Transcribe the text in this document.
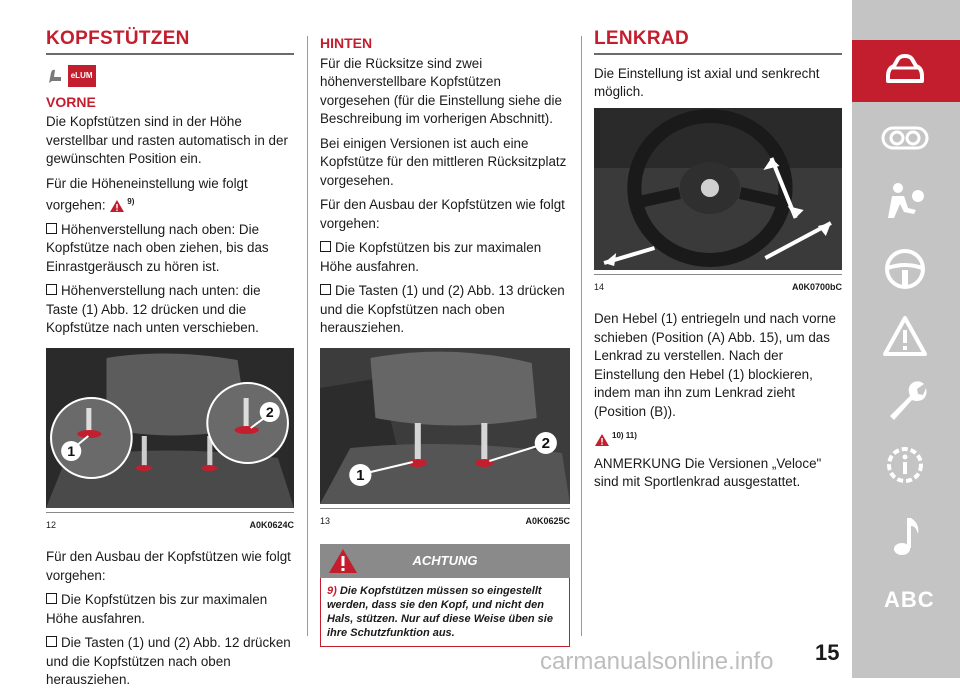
KOPFSTÜTZEN
eLUM
VORNE

Die Kopfstützen sind in der Höhe verstellbar und rasten automatisch in der gewünschten Position ein.

Für die Höheneinstellung wie folgt vorgehen:	$^{9)}$

Höhenverstellung nach oben: Die Kopfstütze nach oben ziehen, bis das Einrastgeräusch zu hören ist.

Höhenverstellung nach unten: die Taste (1) Abb. 12 drücken und die Kopfstütze nach unten verschieben.

1
2
12	A0K0624C

Für den Ausbau der Kopfstützen wie folgt vorgehen:

Die Kopfstützen bis zur maximalen Höhe ausfahren.

Die Tasten (1) und (2) Abb. 12 drücken und die Kopfstützen nach oben herausziehen.

HINTEN

Für die Rücksitze sind zwei höhenverstellbare Kopfstützen vorgesehen (für die Einstellung siehe die Beschreibung im vorherigen Abschnitt).

Bei einigen Versionen ist auch eine Kopfstütze für den mittleren Rücksitzplatz vorgesehen.

Für den Ausbau der Kopfstützen wie folgt vorgehen:

Die Kopfstützen bis zur maximalen Höhe ausfahren.

Die Tasten (1) und (2) Abb. 13 drücken und die Kopfstützen nach oben herausziehen.

1
2
13	A0K0625C
ACHTUNG
9) Die Kopfstützen müssen so eingestellt werden, dass sie den Kopf, und nicht den Hals, stützen. Nur auf diese Weise üben sie ihre Schutzfunktion aus.
LENKRAD

Die Einstellung ist axial und senkrecht möglich.

14	A0K0700bC

Den Hebel (1) entriegeln und nach vorne schieben (Position (A) Abb. 15), um das Lenkrad zu verstellen. Nach der Einstellung den Hebel (1) blockieren, indem man ihn zum Lenkrad zieht (Position (B)).

$^{10) 11)}$

ANMERKUNG Die Versionen „Veloce" sind mit Sportlenkrad ausgestattet.

ABC
carmanualsonline.info 15
